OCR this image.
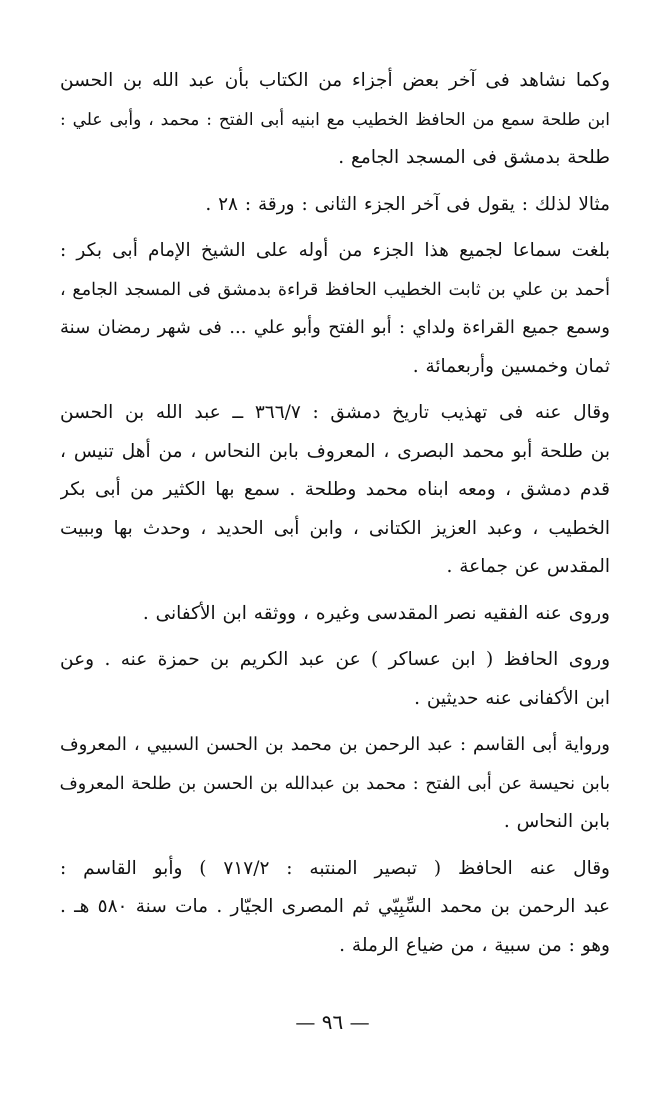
وكما نشاهد فى آخر بعض أجزاء من الكتاب بأن عبد الله بن الحسن
ابن طلحة سمع من الحافظ الخطيب مع ابنيه أبى الفتح : محمد ، وأبى علي :
طلحة بدمشق فى المسجد الجامع .

مثالا لذلك : يقول فى آخر الجزء الثانى : ورقة : ٢٨ .

بلغت سماعا لجميع هذا الجزء من أوله على الشيخ الإمام أبى بكر :
أحمد بن علي بن ثابت الخطيب الحافظ قراءة بدمشق فى المسجد الجامع ،
وسمع جميع القراءة ولداي : أبو الفتح وأبو علي ... فى شهر رمضان سنة
ثمان وخمسين وأربعمائة .

وقال عنه فى تهذيب تاريخ دمشق : ٣٦٦/٧ ــ عبد الله بن الحسن
بن طلحة أبو محمد البصرى ، المعروف بابن النحاس ، من أهل تنيس ،
قدم دمشق ، ومعه ابناه محمد وطلحة . سمع بها الكثير من أبى بكر
الخطيب ، وعبد العزيز الكتانى ، وابن أبى الحديد ، وحدث بها وببيت
المقدس عن جماعة .

وروى عنه الفقيه نصر المقدسى وغيره ، ووثقه ابن الأكفانى .

وروى الحافظ ( ابن عساكر ) عن عبد الكريم بن حمزة عنه . وعن
ابن الأكفانى عنه حديثين .

ورواية أبى القاسم : عبد الرحمن بن محمد بن الحسن السبيي ، المعروف
بابن نحيسة عن أبى الفتح : محمد بن عبدالله بن الحسن بن طلحة المعروف
بابن النحاس .

وقال عنه الحافظ ( تبصير المنتبه : ٧١٧/٢ ) وأبو القاسم :
عبد الرحمن بن محمد السِّبِيّي ثم المصرى الجيّار . مات سنة ٥٨٠ هـ .
وهو : من سبية ، من ضياع الرملة .

— ٩٦ —
